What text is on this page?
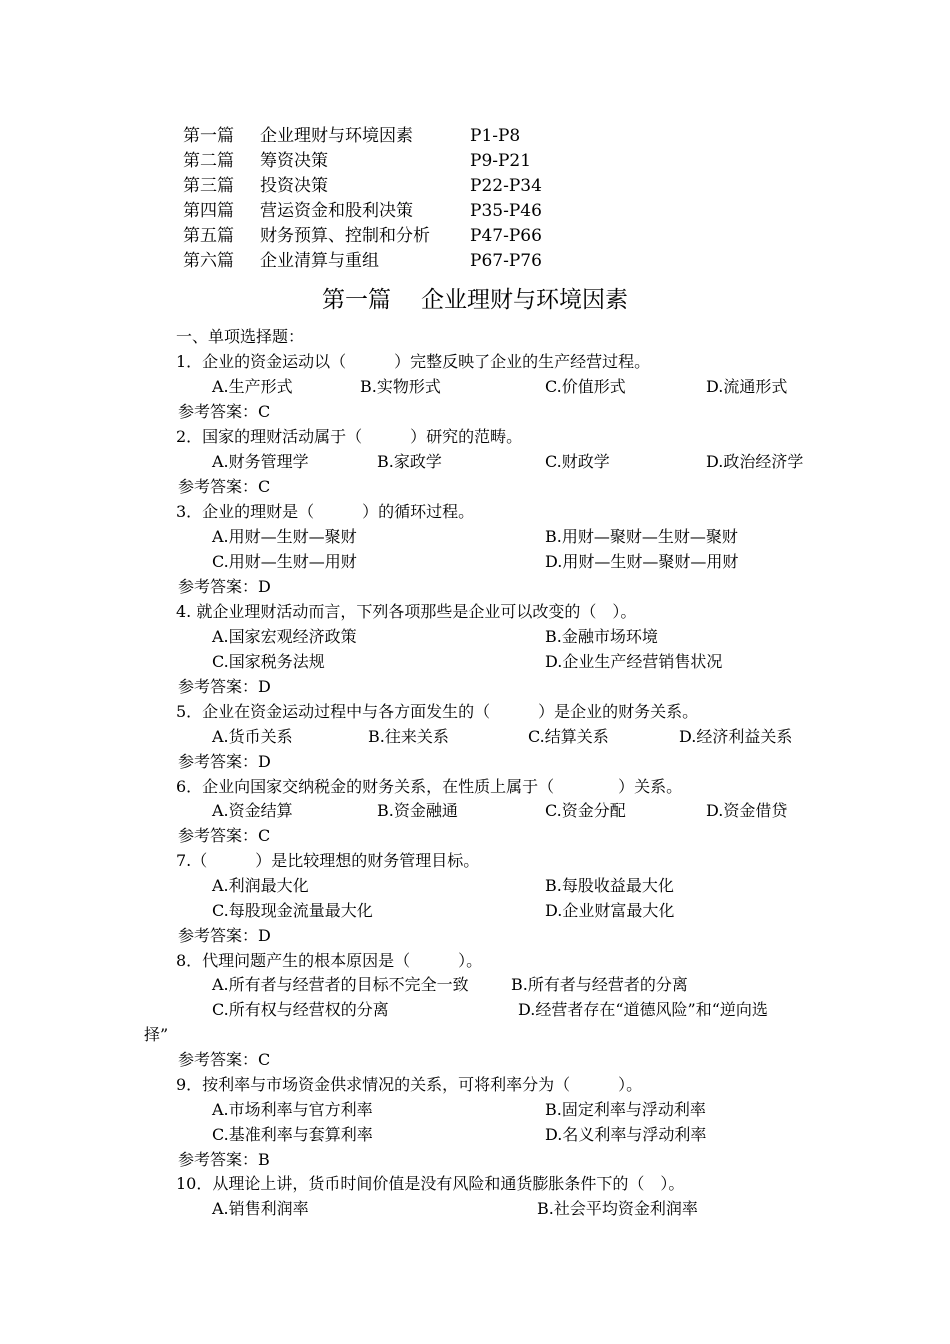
第一篇 企业理财与环境因素	P1-P8
第二篇 筹资决策	P9-P21
第三篇 投资决策	P22-P34
第四篇 营运资金和股利决策	P35-P46
第五篇 财务预算、控制和分析 P47-P66
第六篇 企业清算与重组	P67-P76
第一篇 企业理财与环境因素
一、单项选择题：
1．企业的资金运动以（　　　）完整反映了企业的生产经营过程。
A.生产形式	B.实物形式	C.价值形式	D.流通形式
参考答案：C
2．国家的理财活动属于（　　　）研究的范畴。
A.财务管理学	B.家政学	C.财政学	D.政治经济学
参考答案：C
3．企业的理财是（　　　）的循环过程。
A.用财—生财—聚财	B.用财—聚财—生财—聚财
C.用财—生财—用财	D.用财—生财—聚财—用财
参考答案：D
4. 就企业理财活动而言，下列各项那些是企业可以改变的（　）。
A.国家宏观经济政策	B.金融市场环境
C.国家税务法规	D.企业生产经营销售状况
参考答案：D
5．企业在资金运动过程中与各方面发生的（　　　）是企业的财务关系。
A.货币关系	B.往来关系	C.结算关系	D.经济利益关系
参考答案：D
6．企业向国家交纳税金的财务关系，在性质上属于（　　　　）关系。
A.资金结算	B.资金融通	C.资金分配	D.资金借贷
参考答案：C
7.（　　　）是比较理想的财务管理目标。
A.利润最大化	B.每股收益最大化
C.每股现金流量最大化	D.企业财富最大化
参考答案：D
8．代理问题产生的根本原因是（　　　）。
A.所有者与经营者的目标不完全一致	B.所有者与经营者的分离
C.所有权与经营权的分离	D.经营者存在“道德风险”和“逆向选
择”
参考答案：C
9．按利率与市场资金供求情况的关系，可将利率分为（　　　）。
A.市场利率与官方利率	B.固定利率与浮动利率
C.基准利率与套算利率	D.名义利率与浮动利率
参考答案：B
10．从理论上讲，货币时间价值是没有风险和通货膨胀条件下的（　）。
A.销售利润率	B.社会平均资金利润率
